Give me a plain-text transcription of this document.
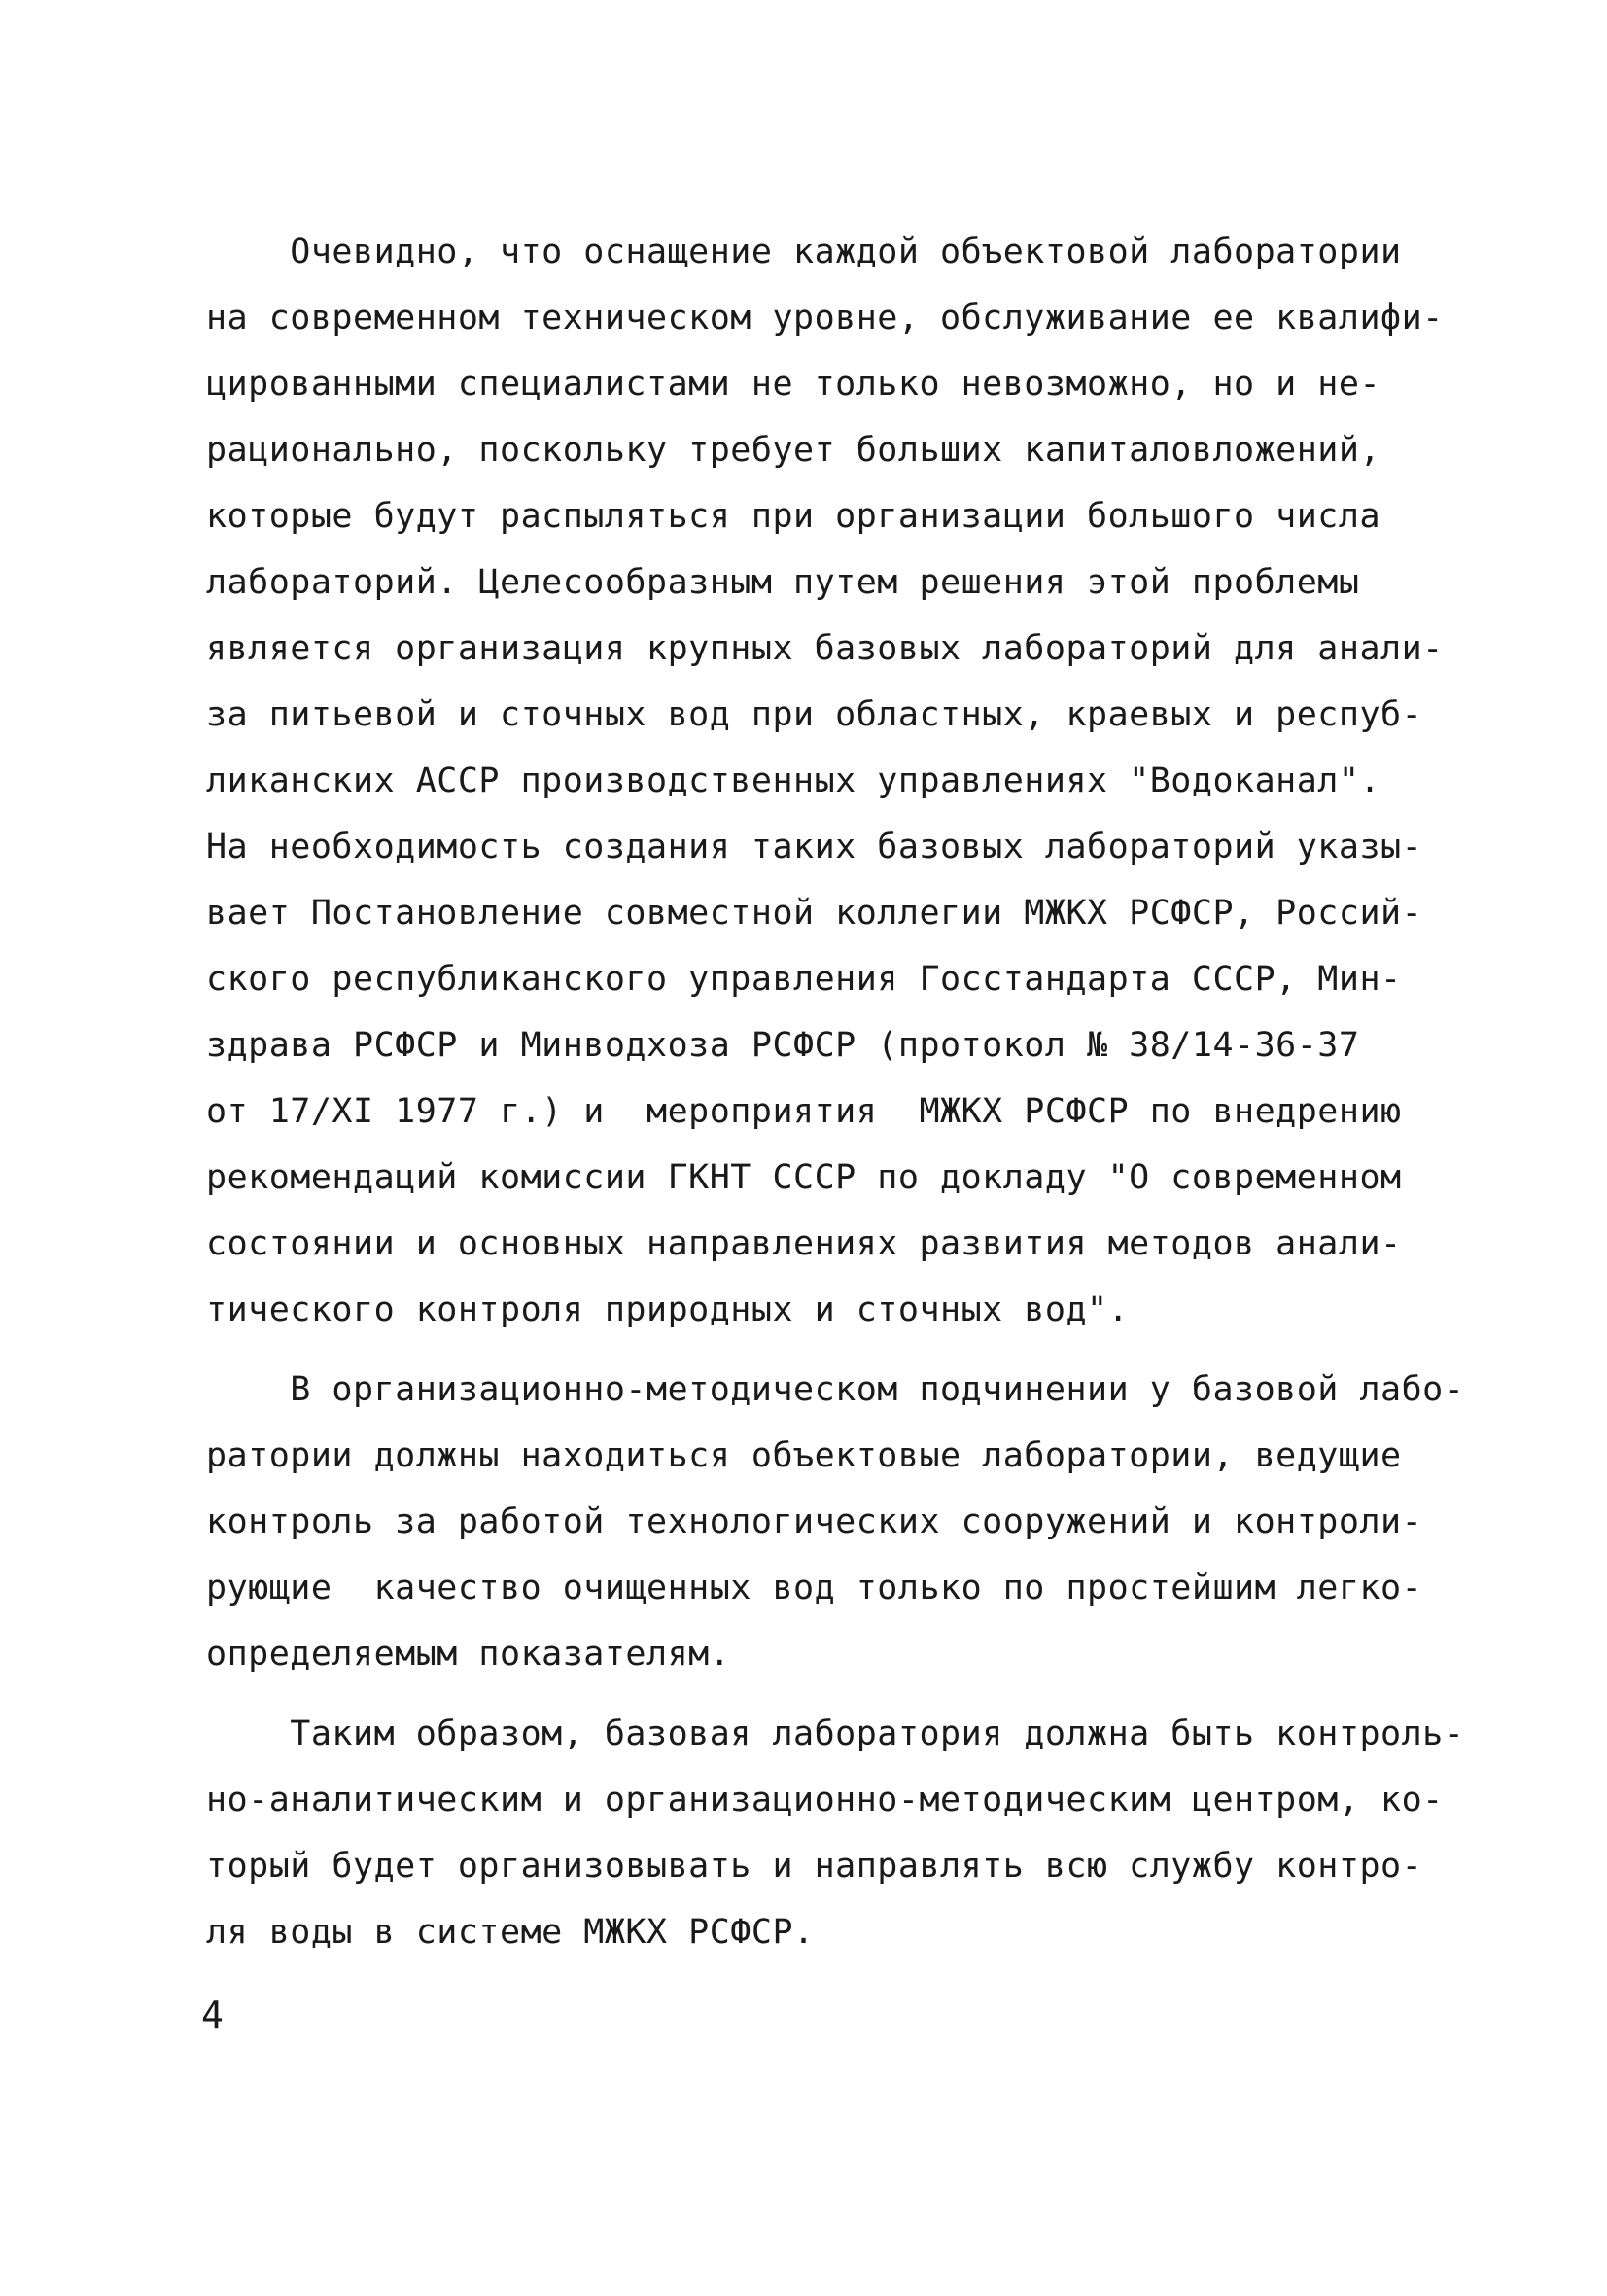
Очевидно, что оснащение каждой объектовой лаборатории
на современном техническом уровне, обслуживание ее квалифи-
цированными специалистами не только невозможно, но и не-
рационально, поскольку требует больших капиталовложений,
которые будут распыляться при организации большого числа
лабораторий. Целесообразным путем решения этой проблемы
является организация крупных базовых лабораторий для анали-
за питьевой и сточных вод при областных, краевых и респуб-
ликанских АССР производственных управлениях "Водоканал".
На необходимость создания таких базовых лабораторий указы-
вает Постановление совместной коллегии МЖКХ РСФСР, Россий-
ского республиканского управления Госстандарта СССР, Мин-
здрава РСФСР и Минводхоза РСФСР (протокол № 38/14-36-37
от 17/XI 1977 г.) и  мероприятия  МЖКХ РСФСР по внедрению
рекомендаций комиссии ГКНТ СССР по докладу "О современном
состоянии и основных направлениях развития методов анали-
тического контроля природных и сточных вод".
В организационно-методическом подчинении у базовой лабо-
ратории должны находиться объектовые лаборатории, ведущие
контроль за работой технологических сооружений и контроли-
рующие  качество очищенных вод только по простейшим легко-
определяемым показателям.
Таким образом, базовая лаборатория должна быть контроль-
но-аналитическим и организационно-методическим центром, ко-
торый будет организовывать и направлять всю службу контро-
ля воды в системе МЖКХ РСФСР.
4
